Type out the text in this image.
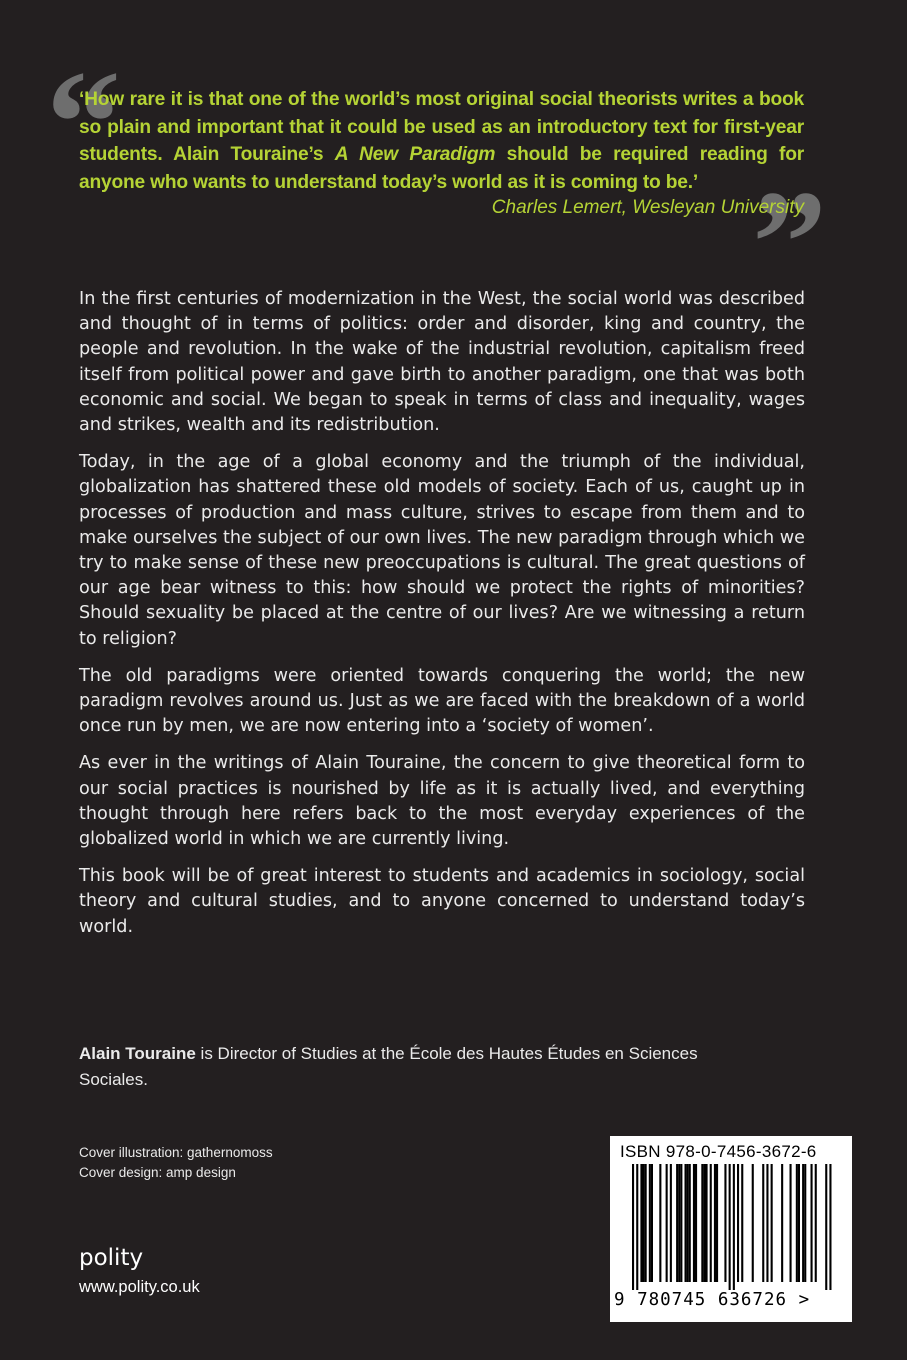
“
”
‘How rare it is that one of the world’s most original social theorists writes a book so plain and important that it could be used as an introductory text for first-year students. Alain Touraine’s A New Paradigm should be required reading for anyone who wants to understand today’s world as it is coming to be.’
Charles Lemert, Wesleyan University

In the first centuries of modernization in the West, the social world was described and thought of in terms of politics: order and disorder, king and country, the people and revolution. In the wake of the industrial revolution, capitalism freed itself from political power and gave birth to another paradigm, one that was both economic and social. We began to speak in terms of class and inequality, wages and strikes, wealth and its redistribution.

Today, in the age of a global economy and the triumph of the individual, globalization has shattered these old models of society. Each of us, caught up in processes of production and mass culture, strives to escape from them and to make ourselves the subject of our own lives. The new paradigm through which we try to make sense of these new preoccupations is cultural. The great questions of our age bear witness to this: how should we protect the rights of minorities? Should sexuality be placed at the centre of our lives? Are we witnessing a return to religion?

The old paradigms were oriented towards conquering the world; the new paradigm revolves around us. Just as we are faced with the breakdown of a world once run by men, we are now entering into a ‘society of women’.

As ever in the writings of Alain Touraine, the concern to give theoretical form to our social practices is nourished by life as it is actually lived, and everything thought through here refers back to the most everyday experiences of the globalized world in which we are currently living.

This book will be of great interest to students and academics in sociology, social theory and cultural studies, and to anyone concerned to understand today’s world.

Alain Touraine is Director of Studies at the École des Hautes Études en Sciences Sociales.
Cover illustration: gathernomoss
Cover design: amp design
polity
www.polity.co.uk
ISBN 978-0-7456-3672-6
9 780745 636726 >
